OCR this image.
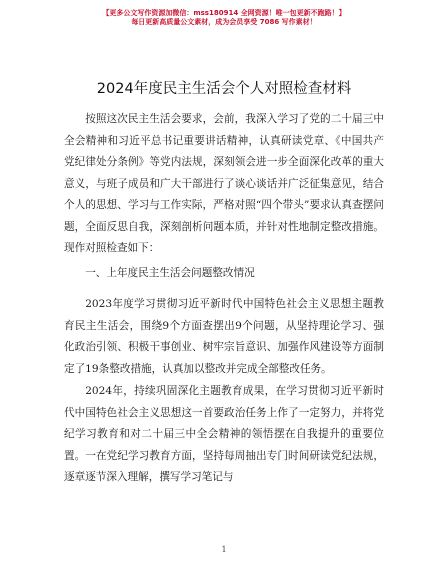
【更多公文写作资源加微信：mss180914 全网资源！唯一包更新不跑路！】
每日更新高质量公文素材，成为会员享受 7086 写作素材！
2024年度民主生活会个人对照检查材料

按照这次民主生活会要求，会前，我深入学习了党的二十届三中全会精神和习近平总书记重要讲话精神，认真研读党章、《中国共产党纪律处分条例》等党内法规，深刻领会进一步全面深化改革的重大意义，与班子成员和广大干部进行了谈心谈话并广泛征集意见，结合个人的思想、学习与工作实际，严格对照“四个带头”要求认真查摆问题，全面反思自我，深刻剖析问题本质，并针对性地制定整改措施。现作对照检查如下：

一、上年度民主生活会问题整改情况

2023年度学习贯彻习近平新时代中国特色社会主义思想主题教育民主生活会，围绕9个方面查摆出9个问题，从坚持理论学习、强化政治引领、积极干事创业、树牢宗旨意识、加强作风建设等方面制定了19条整改措施，认真加以整改并完成全部整改任务。

2024年，持续巩固深化主题教育成果，在学习贯彻习近平新时代中国特色社会主义思想这一首要政治任务上作了一定努力，并将党纪学习教育和对二十届三中全会精神的领悟摆在自我提升的重要位置。一在党纪学习教育方面，坚持每周抽出专门时间研读党纪法规，逐章逐节深入理解，撰写学习笔记与

1
